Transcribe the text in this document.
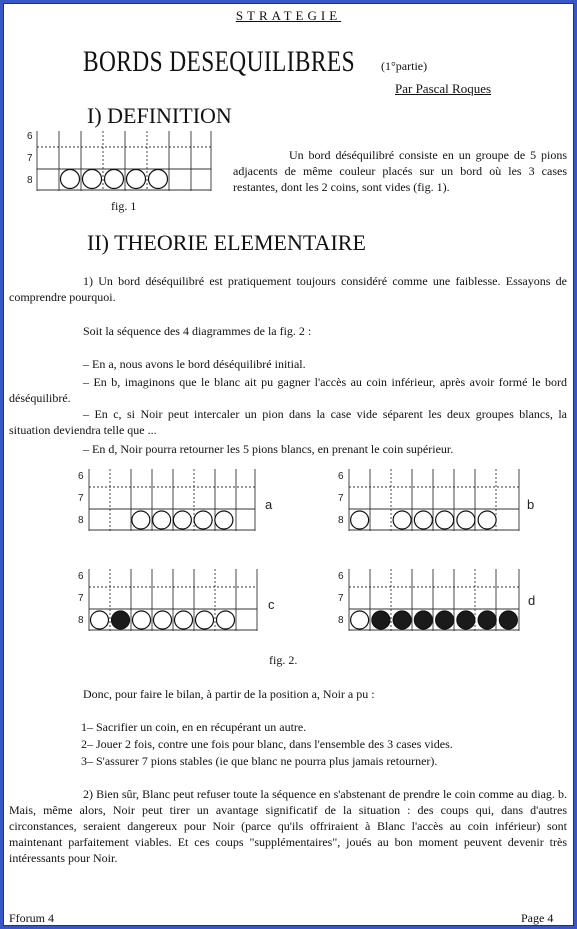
STRATEGIE
BORDS DESEQUILIBRES (1°partie)
Par Pascal Roques
I) DEFINITION
6
7
8
fig. 1

Un bord déséquilibré consiste en un groupe de 5 pions adjacents de même couleur placés sur un bord où les 3 cases restantes, dont les 2 coins, sont vides (fig. 1).

II) THEORIE ELEMENTAIRE

1) Un bord déséquilibré est pratiquement toujours considéré comme une faiblesse. Essayons de comprendre pourquoi.

Soit la séquence des 4 diagrammes de la fig. 2 :

– En a, nous avons le bord déséquilibré initial.

– En b, imaginons que le blanc ait pu gagner l'accès au coin inférieur, après avoir formé le bord déséquilibré.

– En c, si Noir peut intercaler un pion dans la case vide séparent les deux groupes blancs, la situation deviendra telle que ...

– En d, Noir pourra retourner les 5 pions blancs, en prenant le coin supérieur.

6
7
8
a
6
7
8
b
6
7
8
c
6
7
8
d
fig. 2.

Donc, pour faire le bilan, à partir de la position a, Noir a pu :

1– Sacrifier un coin, en en récupérant un autre.

2– Jouer 2 fois, contre une fois pour blanc, dans l'ensemble des 3 cases vides.

3– S'assurer 7 pions stables (ie que blanc ne pourra plus jamais retourner).

2) Bien sûr, Blanc peut refuser toute la séquence en s'abstenant de prendre le coin comme au diag. b. Mais, même alors, Noir peut tirer un avantage significatif de la situation : des coups qui, dans d'autres circonstances, seraient dangereux pour Noir (parce qu'ils offriraient à Blanc l'accès au coin inférieur) sont maintenant parfaitement viables. Et ces coups "supplémentaires", joués au bon moment peuvent devenir très intéressants pour Noir.

Fforum 4	Page 4
